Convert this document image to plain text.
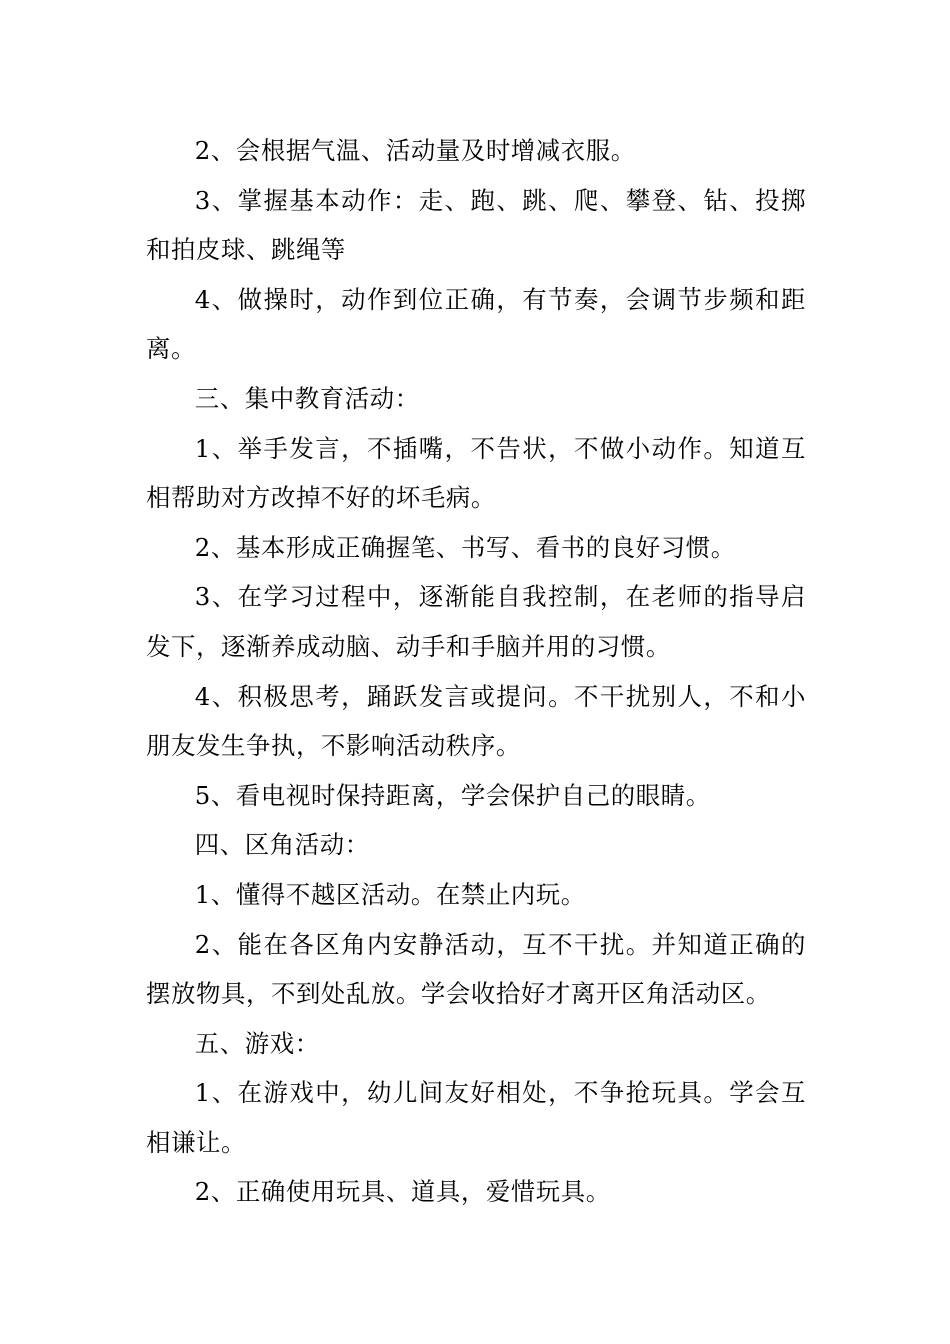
2、会根据气温、活动量及时增减衣服。

3、掌握基本动作：走、跑、跳、爬、攀登、钻、投掷和拍皮球、跳绳等

4、做操时，动作到位正确，有节奏，会调节步频和距离。

三、集中教育活动：

1、举手发言，不插嘴，不告状，不做小动作。知道互相帮助对方改掉不好的坏毛病。

2、基本形成正确握笔、书写、看书的良好习惯。

3、在学习过程中，逐渐能自我控制，在老师的指导启发下，逐渐养成动脑、动手和手脑并用的习惯。

4、积极思考，踊跃发言或提问。不干扰别人，不和小朋友发生争执，不影响活动秩序。

5、看电视时保持距离，学会保护自己的眼睛。

四、区角活动：

1、懂得不越区活动。在禁止内玩。

2、能在各区角内安静活动，互不干扰。并知道正确的摆放物具，不到处乱放。学会收拾好才离开区角活动区。

五、游戏：

1、在游戏中，幼儿间友好相处，不争抢玩具。学会互相谦让。

2、正确使用玩具、道具，爱惜玩具。
